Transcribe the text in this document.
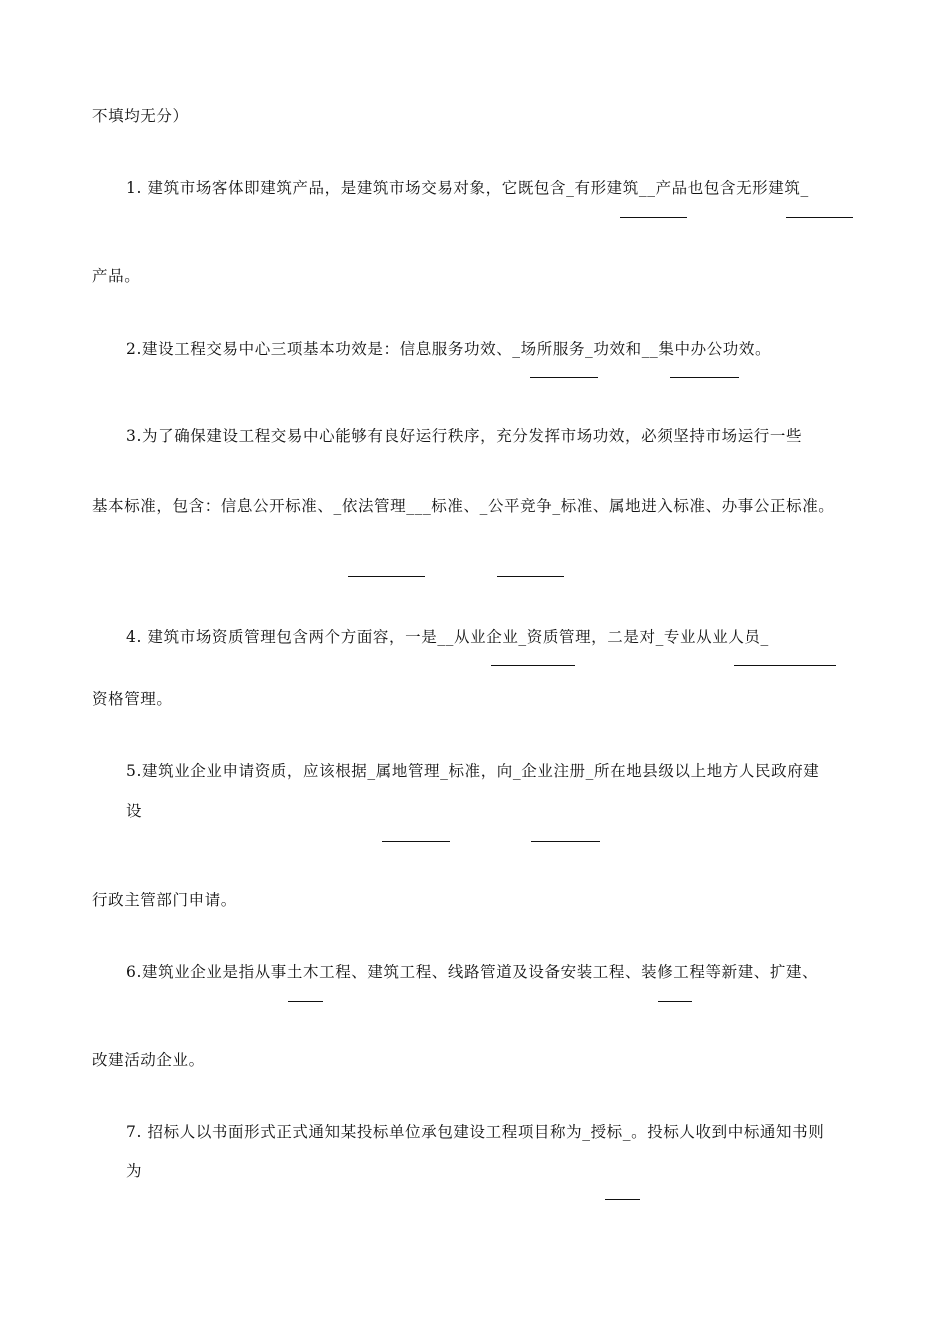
不填均无分）
1. 建筑市场客体即建筑产品，是建筑市场交易对象，它既包含_有形建筑__产品也包含无形建筑_
产品。
2.建设工程交易中心三项基本功效是：信息服务功效、_场所服务_功效和__集中办公功效。
3.为了确保建设工程交易中心能够有良好运行秩序，充分发挥市场功效，必须坚持市场运行一些
基本标准，包含：信息公开标准、_依法管理___标准、_公平竞争_标准、属地进入标准、办事公正标准。
4. 建筑市场资质管理包含两个方面容，一是__从业企业_资质管理，二是对_专业从业人员_
资格管理。
5.建筑业企业申请资质，应该根据_属地管理_标准，向_企业注册_所在地县级以上地方人民政府建
设
行政主管部门申请。
6.建筑业企业是指从事土木工程、建筑工程、线路管道及设备安装工程、装修工程等新建、扩建、
改建活动企业。
7. 招标人以书面形式正式通知某投标单位承包建设工程项目称为_授标_。投标人收到中标通知书则
为
